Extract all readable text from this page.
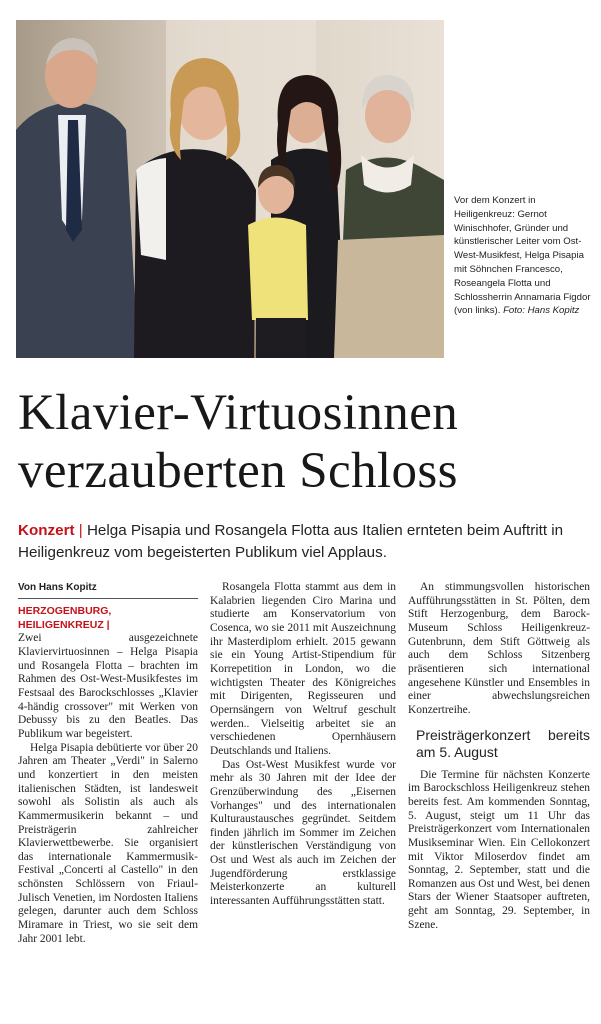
Vor dem Konzert in Heiligenkreuz: Gernot Winischhofer, Gründer und künstlerischer Leiter vom Ost-West-Musikfest, Helga Pisapia mit Söhnchen Francesco, Roseangela Flotta und Schlossherrin Annamaria Figdor (von links). Foto: Hans Kopitz
Klavier-Virtuosinnen
verzauberten Schloss
Konzert | Helga Pisapia und Rosangela Flotta aus Italien ernteten beim Auftritt in Heiligenkreuz vom begeisterten Publikum viel Applaus.
Von Hans Kopitz

HERZOGENBURG, HEILIGENKREUZ |
Zwei ausgezeichnete Klaviervirtuosinnen – Helga Pisapia und Rosangela Flotta – brachten im Rahmen des Ost-West-Musikfestes im Festsaal des Barockschlosses „Klavier 4-händig crossover" mit Werken von Debussy bis zu den Beatles. Das Publikum war begeistert.

Helga Pisapia debütierte vor über 20 Jahren am Theater „Verdi" in Salerno und konzertiert in den meisten italienischen Städten, ist landesweit sowohl als Solistin als auch als Kammermusikerin bekannt – und Preisträgerin zahlreicher Klavierwettbewerbe. Sie organisiert das internationale Kammermusik-Festival „Concerti al Castello" in den schönsten Schlössern von Friaul-Julisch Venetien, im Nordosten Italiens gelegen, darunter auch dem Schloss Miramare in Triest, wo sie seit dem Jahr 2001 lebt.

Rosangela Flotta stammt aus dem in Kalabrien liegenden Ciro Marina und studierte am Konservatorium von Cosenca, wo sie 2011 mit Auszeichnung ihr Masterdiplom erhielt. 2015 gewann sie ein Young Artist-Stipendium für Korrepetition in London, wo die wichtigsten Theater des Königreiches mit Dirigenten, Regisseuren und Opernsängern von Weltruf geschult werden.. Vielseitig arbeitet sie an verschiedenen Opernhäusern Deutschlands und Italiens.

Das Ost-West Musikfest wurde vor mehr als 30 Jahren mit der Idee der Grenzüberwindung des „Eisernen Vorhanges" und des internationalen Kulturaustausches gegründet. Seitdem finden jährlich im Sommer im Zeichen der künstlerischen Verständigung von Ost und West als auch im Zeichen der Jugendförderung erstklassige Meisterkonzerte an kulturell interessanten Aufführungsstätten statt.

An stimmungsvollen historischen Aufführungsstätten in St. Pölten, dem Stift Herzogenburg, dem Barock-Museum Schloss Heiligenkreuz-Gutenbrunn, dem Stift Göttweig als auch dem Schloss Sitzenberg präsentieren sich international angesehene Künstler und Ensembles in einer abwechslungsreichen Konzertreihe.

Preisträgerkonzert bereits am 5. August

Die Termine für nächsten Konzerte im Barockschloss Heiligenkreuz stehen bereits fest. Am kommenden Sonntag, 5. August, steigt um 11 Uhr das Preisträgerkonzert vom Internationalen Musikseminar Wien. Ein Cellokonzert mit Viktor Miloserdov findet am Sonntag, 2. September, statt und die Romanzen aus Ost und West, bei denen Stars der Wiener Staatsoper auftreten, geht am Sonntag, 29. September, in Szene.
